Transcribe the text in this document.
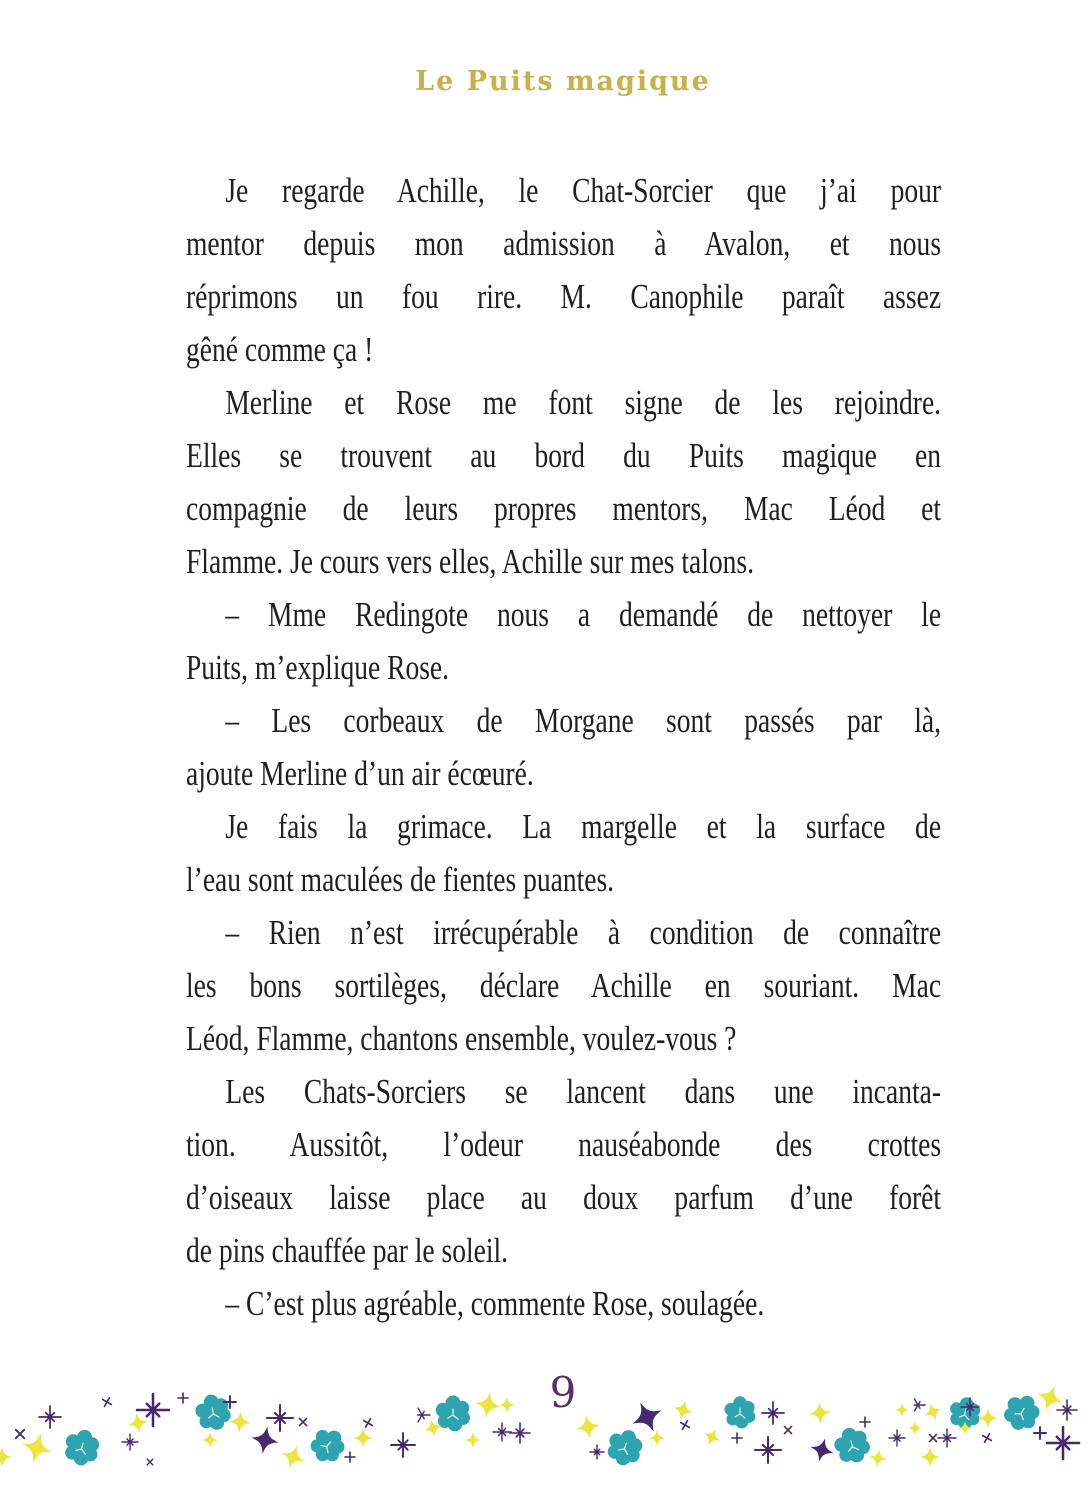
Le Puits magique
Je regarde Achille, le Chat-Sorcier que j’ai pour
mentor depuis mon admission à Avalon, et nous
réprimons un fou rire. M. Canophile paraît assez
gêné comme ça !
Merline et Rose me font signe de les rejoindre.
Elles se trouvent au bord du Puits magique en
compagnie de leurs propres mentors, Mac Léod et
Flamme. Je cours vers elles, Achille sur mes talons.
– Mme Redingote nous a demandé de nettoyer le
Puits, m’explique Rose.
– Les corbeaux de Morgane sont passés par là,
ajoute Merline d’un air écœuré.
Je fais la grimace. La margelle et la surface de
l’eau sont maculées de fientes puantes.
– Rien n’est irrécupérable à condition de connaître
les bons sortilèges, déclare Achille en souriant. Mac
Léod, Flamme, chantons ensemble, voulez-vous ?
Les Chats-Sorciers se lancent dans une incanta-
tion. Aussitôt, l’odeur nauséabonde des crottes
d’oiseaux laisse place au doux parfum d’une forêt
de pins chauffée par le soleil.
– C’est plus agréable, commente Rose, soulagée.
9
